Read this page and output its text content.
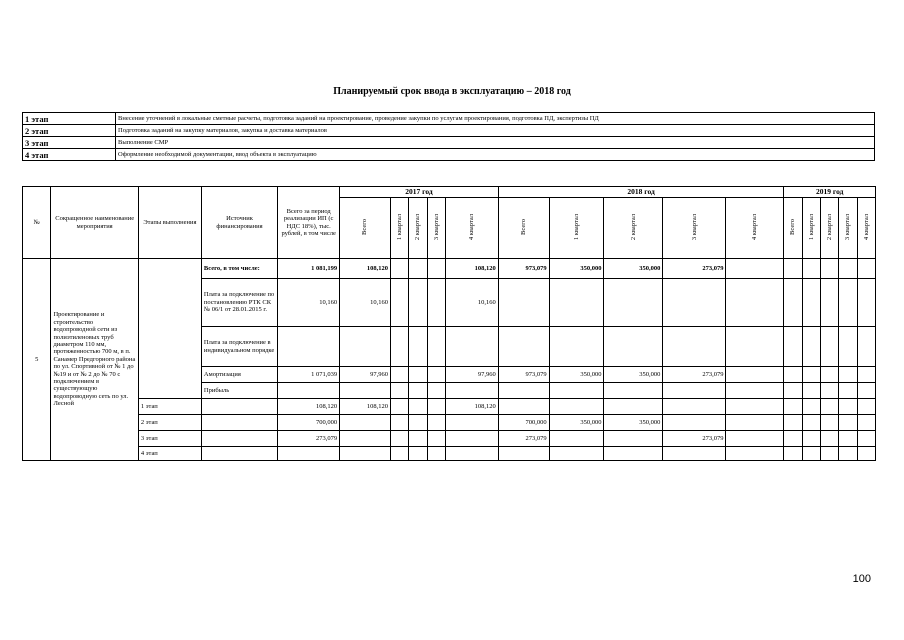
Планируемый срок ввода в эксплуатацию – 2018 год
1 этап	Внесение уточнений в локальные сметные расчеты, подготовка заданий на проектирование, проведение закупки по услугам проектирования, подготовка ПД, экспертизы ПД
2 этап	Подготовка заданий на закупку материалов, закупка и доставка материалов
3 этап	Выполнение СМР
4 этап	Оформление необходимой документации, ввод объекта в эксплуатацию
№	Сокращенное наименование мероприятия	Этапы выполнения	Источник финансирования	Всего за период реализации ИП (с НДС 18%), тыс. рублей, в том числе	2017 год					2018 год					2019 год				
					Всего	1 квартал	2 квартал	3 квартал	4 квартал	Всего	1 квартал	2 квартал	3 квартал	4 квартал	Всего	1 квартал	2 квартал	3 квартал	4 квартал
5	Проектирование и строительство водопроводной сети из полиэтиленовых труб диаметром 110 мм, протяженностью 700 м, в п. Санамер Предгорного района по ул. Спортивной от № 1 до №19 и от № 2 до № 70 с подключением в существующую водопроводную сеть по ул. Лесной		Всего, в том числе:	1 081,199	108,120				108,120	973,079	350,000	350,000	273,079						
			Плата за подключение по постановлению РТК СК № 06/1 от 28.01.2015 г.	10,160	10,160				10,160										
			Плата за подключение в индивидуальном порядке																
			Амортизация	1 071,039	97,960				97,960	973,079	350,000	350,000	273,079						
			Прибыль																
		1 этап		108,120	108,120				108,120										
		2 этап		700,000						700,000	350,000	350,000							
		3 этап		273,079						273,079			273,079						
		4 этап																	
100
